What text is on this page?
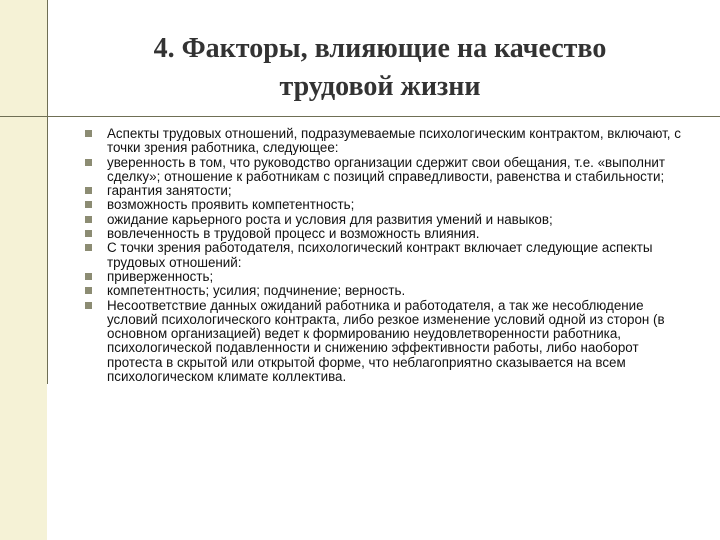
4. Факторы, влияющие на качество
трудовой жизни
Аспекты трудовых отношений, подразумеваемые психологическим контрактом, включают, с точки зрения работника, следующее:
уверенность в том, что руководство организации сдержит свои обещания, т.е. «выполнит сделку»; отношение к работникам с позиций справедливости, равенства и стабильности;
гарантия занятости;
возможность проявить компетентность;
ожидание карьерного роста и условия для развития умений и навыков;
вовлеченность в трудовой процесс и возможность влияния.
С точки зрения работодателя, психологический контракт включает следующие аспекты трудовых отношений:
приверженность;
компетентность; усилия; подчинение; верность.
Несоответствие данных ожиданий работника и работодателя, а так же несоблюдение условий психологического контракта, либо резкое изменение условий одной из сторон (в основном организацией) ведет к формированию неудовлетворенности работника, психологической подавленности и снижению эффективности работы, либо наоборот протеста в скрытой или открытой форме, что неблагоприятно сказывается на всем психологическом климате коллектива.
